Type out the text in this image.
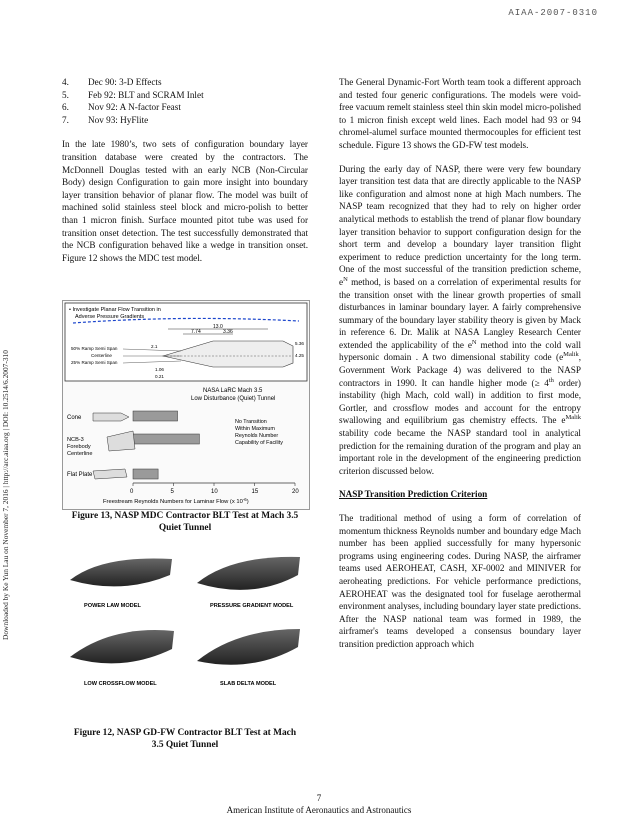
AIAA-2007-0310
Downloaded by Ke Yun Lau on November 7, 2016 | http://arc.aiaa.org | DOI: 10.2514/6.2007-310
4.	Dec 90: 3-D Effects
5.	Feb 92: BLT and SCRAM Inlet
6.	Nov 92: A N-factor Feast
7.	Nov 93: HyFlite

In the late 1980’s, two sets of configuration boundary layer transition database were created by the contractors. The McDonnell Douglas tested with an early NCB (Non-Circular Body) design Configuration to gain more insight into boundary layer transition behavior of planar flow. The model was built of machined solid stainless steel block and micro-polish to better than 1 micron finish. Surface mounted pitot tube was used for transition onset detection. The test successfully demonstrated that the NCB configuration behaved like a wedge in transition onset. Figure 12 shows the MDC test model.

• Investigate Planar Flow Transition in
Adverse Pressure Gradients
13.0
7.74	3.36
50% Ramp Semi Span
Centerline
25% Ramp Semi Span
5.36
4.25
2.1
1.06
0.21
NASA LaRC Mach 3.5
Low Disturbance (Quiet) Tunnel
Cone
NCB-3
Forebody
Centerline
Flat Plate
No Transition
Within Maximum
Reynolds Number
Capability of Facility
0	5	10	15	20
Freestream Reynolds Numbers for Laminar Flow (x $10^{-6}$)
Figure 13, NASP MDC Contractor BLT Test at Mach 3.5 Quiet Tunnel
POWER LAW MODEL	PRESSURE GRADIENT MODEL
LOW CROSSFLOW MODEL	SLAB DELTA MODEL
Figure 12, NASP GD-FW Contractor BLT Test at Mach 3.5 Quiet Tunnel

The General Dynamic-Fort Worth team took a different approach and tested four generic configurations. The models were void-free vacuum remelt stainless steel thin skin model micro-polished to 1 micron finish except weld lines. Each model had 93 or 94 chromel-alumel surface mounted thermocouples for efficient test schedule. Figure 13 shows the GD-FW test models.

During the early day of NASP, there were very few boundary layer transition test data that are directly applicable to the NASP like configuration and almost none at high Mach numbers. The NASP team recognized that they had to rely on higher order analytical methods to establish the trend of planar flow boundary layer transition behavior to support configuration design for the short term and develop a boundary layer transition flight experiment to reduce prediction uncertainty for the long term. One of the most successful of the transition prediction scheme, $e^N$ method, is based on a correlation of experimental results for the transition onset with the linear growth properties of small disturbances in laminar boundary layer. A fairly comprehensive summary of the boundary layer stability theory is given by Mack in reference 6. Dr. Malik at NASA Langley Research Center extended the applicability of the $e^N$ method into the cold wall hypersonic domain . A two dimensional stability code ($e^{Malik}$, Government Work Package 4) was delivered to the NASP contractors in 1990. It can handle higher mode (≥ 4th order) instability (high Mach, cold wall) in addition to first mode, Gortler, and crossflow modes and account for the entropy swallowing and equilibrium gas chemistry effects. The $e^{Malik}$ stability code became the NASP standard tool in analytical prediction for the remaining duration of the program and play an important role in the development of the engineering prediction criterion discussed below.

NASP Transition Prediction Criterion

The traditional method of using a form of correlation of momentum thickness Reynolds number and boundary edge Mach number has been applied successfully for many hypersonic programs using engineering codes. During NASP, the airframer teams used AEROHEAT, CASH, XF-0002 and MINIVER for aeroheating predictions. For vehicle performance predictions, AEROHEAT was the designated tool for fuselage aerothermal environment analyses, including boundary layer state predictions. After the NASP national team was formed in 1989, the airframer's teams developed a consensus boundary layer transition prediction approach which

7
American Institute of Aeronautics and Astronautics
